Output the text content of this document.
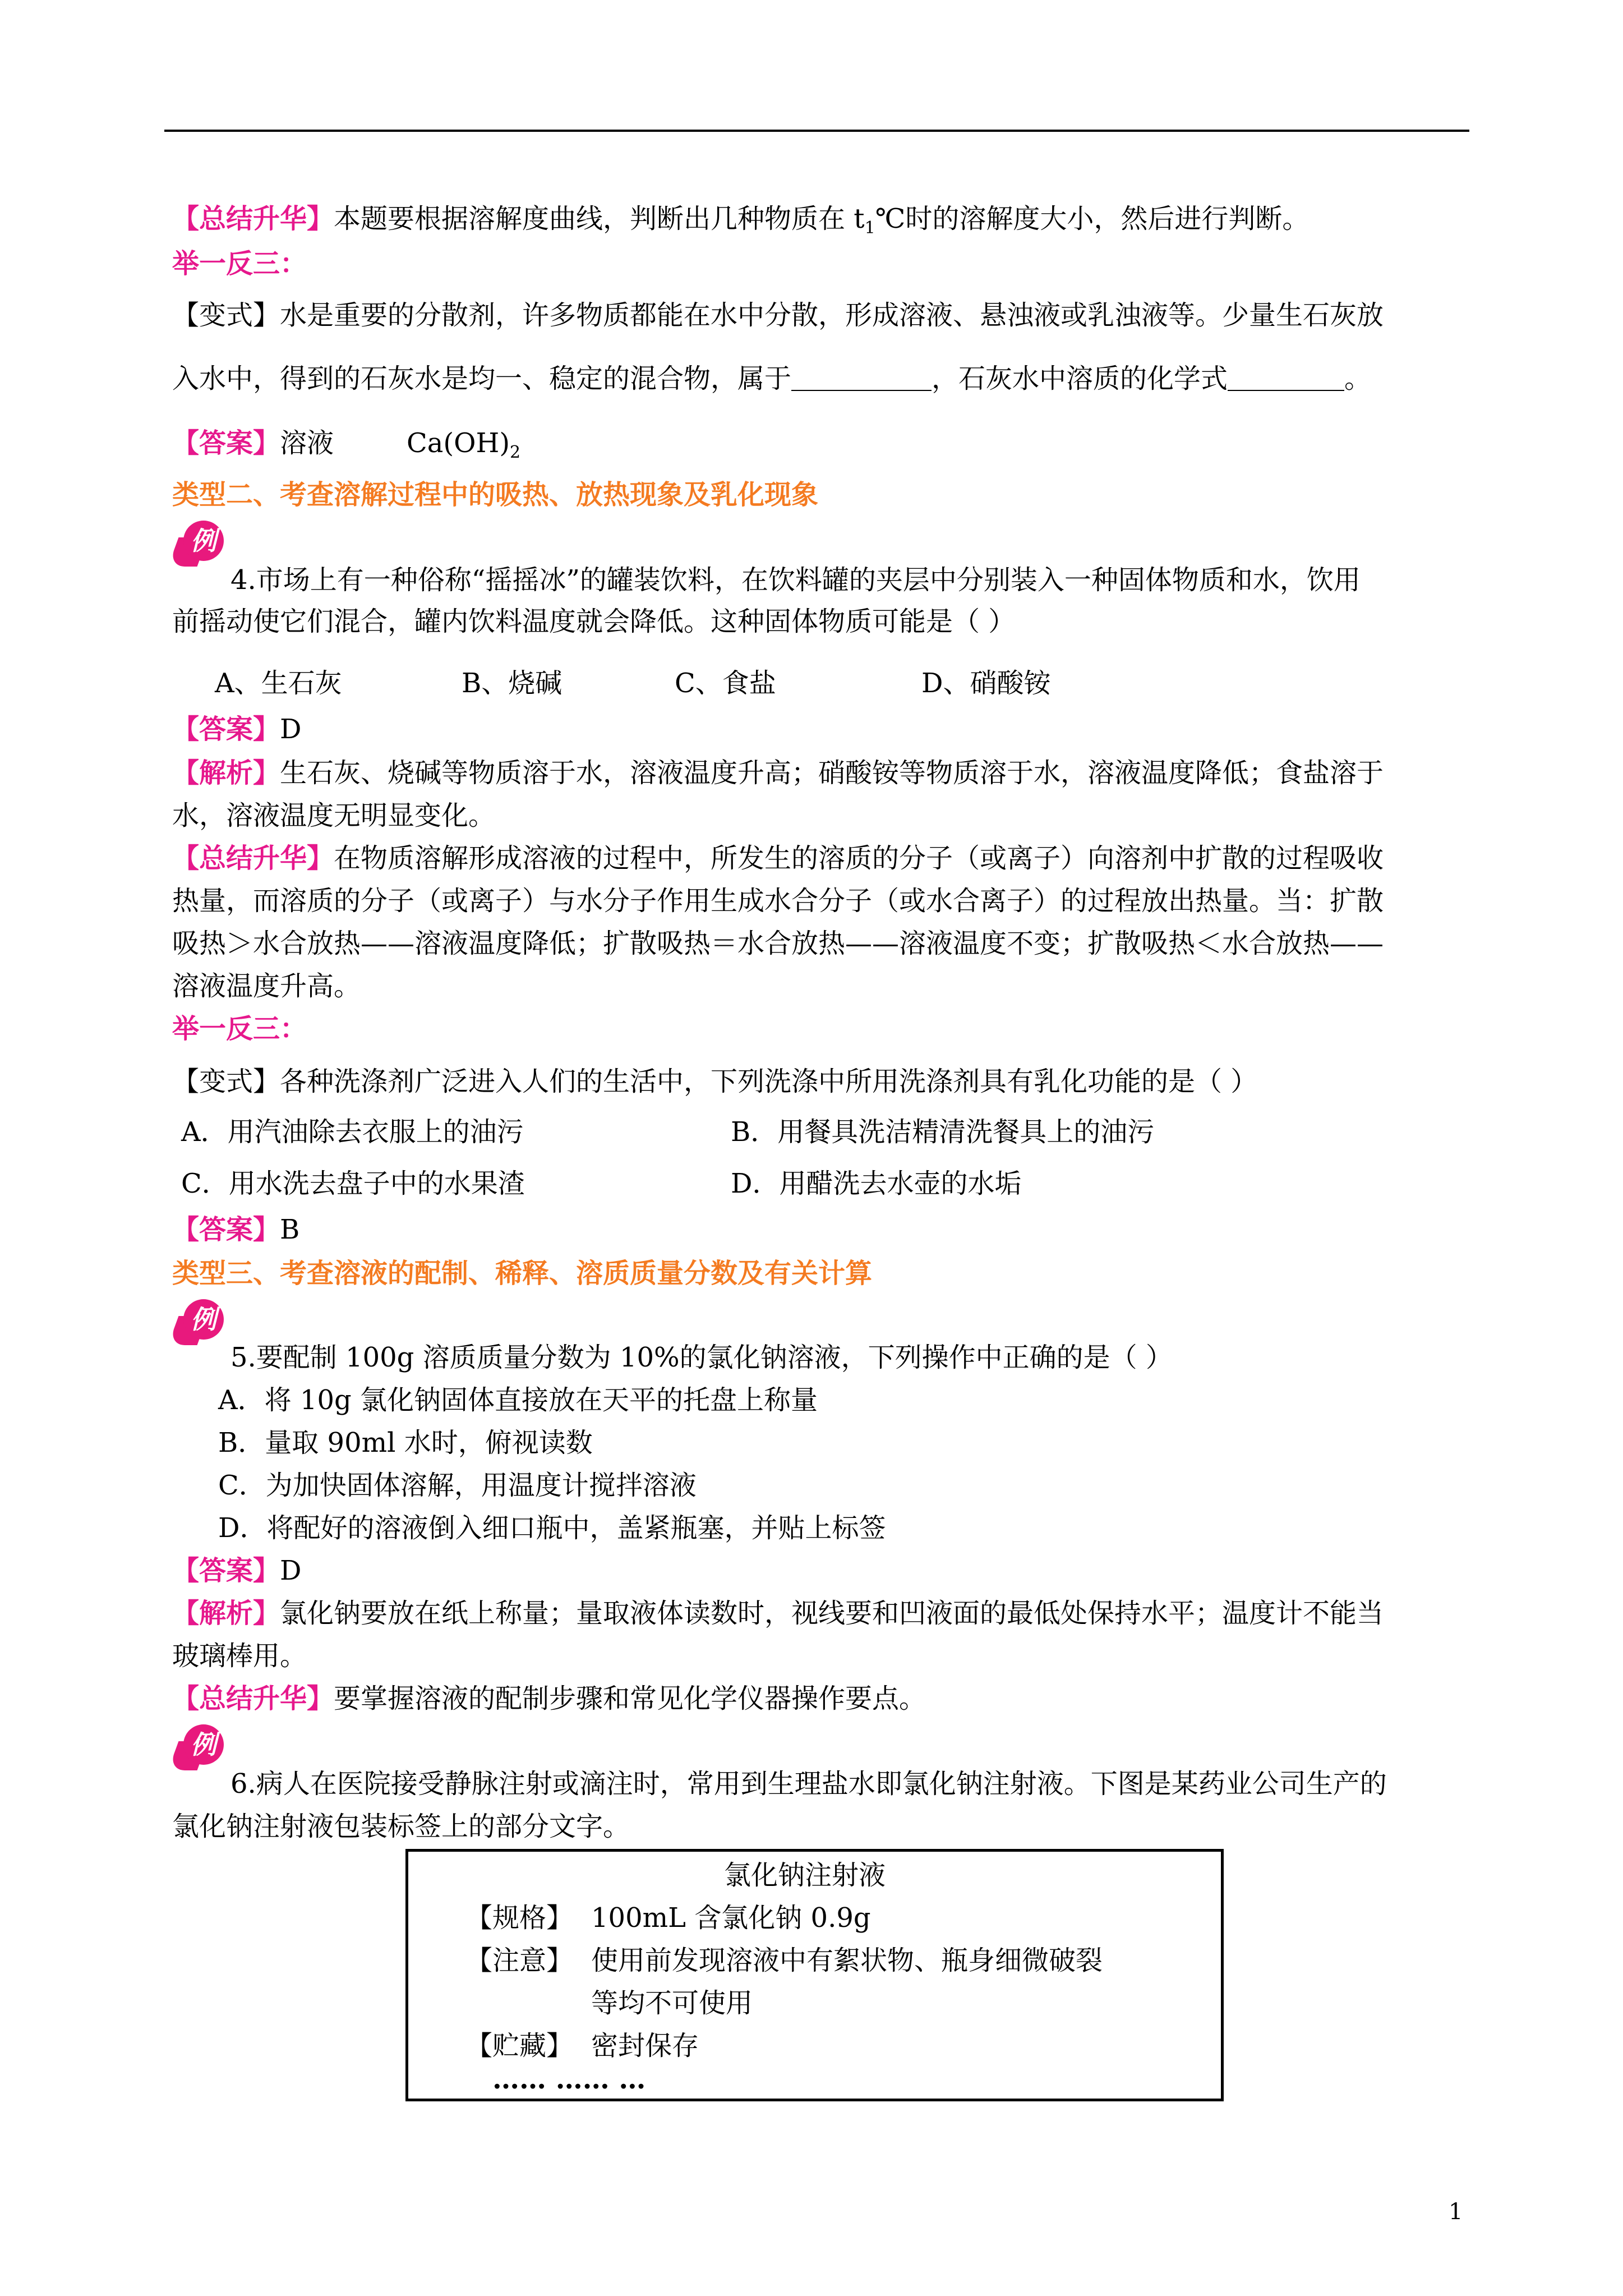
【总结升华】本题要根据溶解度曲线，判断出几种物质在 $t_1℃$时的溶解度大小，然后进行判断。
举一反三：
【变式】水是重要的分散剂，许多物质都能在水中分散，形成溶液、悬浊液或乳浊液等。少量生石灰放
入水中，得到的石灰水是均一、稳定的混合物，属于	，石灰水中溶质的化学式	。
【答案】溶液	$Ca(OH)_2$
类型二、考查溶解过程中的吸热、放热现象及乳化现象
例
4.市场上有一种俗称“摇摇冰”的罐装饮料，在饮料罐的夹层中分别装入一种固体物质和水，饮用
前摇动使它们混合，罐内饮料温度就会降低。这种固体物质可能是（ ）
A、生石灰	B、烧碱	C、食盐	D、硝酸铵
【答案】D
【解析】生石灰、烧碱等物质溶于水，溶液温度升高；硝酸铵等物质溶于水，溶液温度降低；食盐溶于
水，溶液温度无明显变化。
【总结升华】在物质溶解形成溶液的过程中，所发生的溶质的分子（或离子）向溶剂中扩散的过程吸收
热量，而溶质的分子（或离子）与水分子作用生成水合分子（或水合离子）的过程放出热量。当：扩散
吸热＞水合放热——溶液温度降低；扩散吸热＝水合放热——溶液温度不变；扩散吸热＜水合放热——
溶液温度升高。
举一反三：
【变式】各种洗涤剂广泛进入人们的生活中，下列洗涤中所用洗涤剂具有乳化功能的是（ ）
A．用汽油除去衣服上的油污	B．用餐具洗洁精清洗餐具上的油污
C．用水洗去盘子中的水果渣	D．用醋洗去水壶的水垢
【答案】B
类型三、考查溶液的配制、稀释、溶质质量分数及有关计算
例
5.要配制 100g 溶质质量分数为 10%的氯化钠溶液，下列操作中正确的是（ ）
A．将 10g 氯化钠固体直接放在天平的托盘上称量
B．量取 90ml 水时，俯视读数
C．为加快固体溶解，用温度计搅拌溶液
D．将配好的溶液倒入细口瓶中，盖紧瓶塞，并贴上标签
【答案】D
【解析】氯化钠要放在纸上称量；量取液体读数时，视线要和凹液面的最低处保持水平；温度计不能当
玻璃棒用。
【总结升华】要掌握溶液的配制步骤和常见化学仪器操作要点。
例
6.病人在医院接受静脉注射或滴注时，常用到生理盐水即氯化钠注射液。下图是某药业公司生产的
氯化钠注射液包装标签上的部分文字。
氯化钠注射液
【规格】 100mL 含氯化钠 0.9g
【注意】 使用前发现溶液中有絮状物、瓶身细微破裂
等均不可使用
【贮藏】 密封保存
…… …… …
1
